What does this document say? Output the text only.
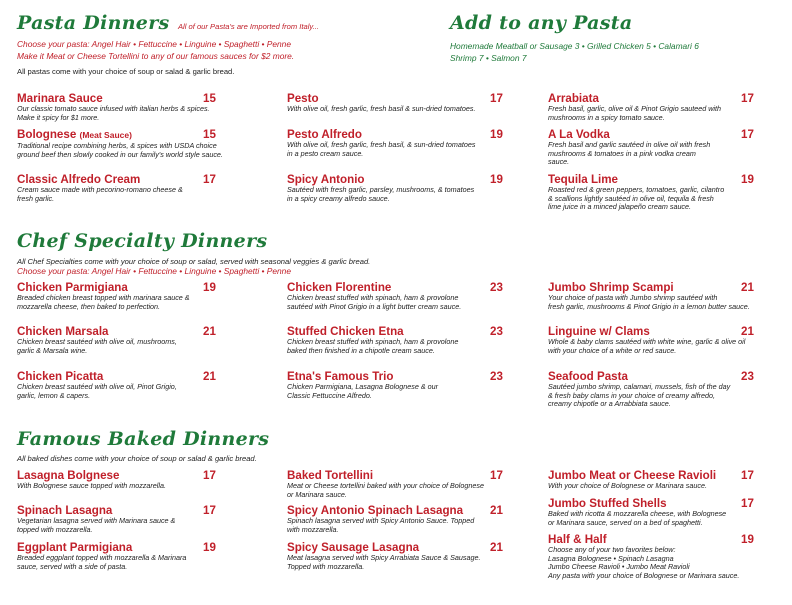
Pasta Dinners All of our Pasta's are Imported from Italy...
Choose your pasta: Angel Hair • Fettuccine • Linguine • Spaghetti • Penne
Make it Meat or Cheese Tortellini to any of our famous sauces for $2 more.
All pastas come with your choice of soup or salad & garlic bread.
Add to any Pasta
Homemade Meatball or Sausage 3 • Grilled Chicken 5 • Calamari 6
Shrimp 7 • Salmon 7
Marinara Sauce	15
Our classic tomato sauce infused with italian herbs & spices.
Make it spicy for $1 more.
Bolognese (Meat Sauce)	15
Traditional recipe combining herbs, & spices with USDA choice
ground beef then slowly cooked in our family's world style sauce.
Classic Alfredo Cream	17
Cream sauce made with pecorino-romano cheese &
fresh garlic.
Pesto	17
With olive oil, fresh garlic, fresh basil & sun-dried tomatoes.
Pesto Alfredo	19
With olive oil, fresh garlic, fresh basil, & sun-dried tomatoes
in a pesto cream sauce.
Spicy Antonio	19
Sautéed with fresh garlic, parsley, mushrooms, & tomatoes
in a spicy creamy alfredo sauce.
Arrabiata	17
Fresh basil, garlic, olive oil & Pinot Grigio sauteed with
mushrooms in a spicy tomato sauce.
A La Vodka	17
Fresh basil and garlic sautéed in olive oil with fresh
mushrooms & tomatoes in a pink vodka cream
sauce.
Tequila Lime	19
Roasted red & green peppers, tomatoes, garlic, cilantro
& scallions lightly sautéed in olive oil, tequila & fresh
lime juice in a minced jalapeño cream sauce.
Chef Specialty Dinners
All Chef Specialties come with your choice of soup or salad, served with seasonal veggies & garlic bread.
Choose your pasta: Angel Hair • Fettuccine • Linguine • Spaghetti • Penne
Chicken Parmigiana	19
Breaded chicken breast topped with marinara sauce &
mozzarella cheese, then baked to perfection.
Chicken Marsala	21
Chicken breast sautéed with olive oil, mushrooms,
garlic & Marsala wine.
Chicken Picatta	21
Chicken breast sautéed with olive oil, Pinot Grigio,
garlic, lemon & capers.
Chicken Florentine	23
Chicken breast stuffed with spinach, ham & provolone
sautéed with Pinot Grigio in a light butter cream sauce.
Stuffed Chicken Etna	23
Chicken breast stuffed with spinach, ham & provolone
baked then finished in a chipotle cream sauce.
Etna's Famous Trio	23
Chicken Parmigiana, Lasagna Bolognese & our
Classic Fettuccine Alfredo.
Jumbo Shrimp Scampi	21
Your choice of pasta with Jumbo shrimp sautéed with
fresh garlic, mushrooms & Pinot Grigio in a lemon butter sauce.
Linguine w/ Clams	21
Whole & baby clams sautéed with white wine, garlic & olive oil
with your choice of a white or red sauce.
Seafood Pasta	23
Sautéed jumbo shrimp, calamari, mussels, fish of the day
& fresh baby clams in your choice of creamy alfredo,
creamy chipotle or a Arrabbiata sauce.
Famous Baked Dinners
All baked dishes come with your choice of soup or salad & garlic bread.
Lasagna Bolgnese	17
With Bolognese sauce topped with mozzarella.
Spinach Lasagna	17
Vegetarian lasagna served with Marinara sauce &
topped with mozzarella.
Eggplant Parmigiana	19
Breaded eggplant topped with mozzarella & Marinara
sauce, served with a side of pasta.
Baked Tortellini	17
Meat or Cheese tortellini baked with your choice of Bolognese
or Marinara sauce.
Spicy Antonio Spinach Lasagna	21
Spinach lasagna served with Spicy Antonio Sauce. Topped
with mozzarella.
Spicy Sausage Lasagna	21
Meat lasagna served with Spicy Arrabiata Sauce & Sausage.
Topped with mozzarella.
Jumbo Meat or Cheese Ravioli	17
With your choice of Bolognese or Marinara sauce.
Jumbo Stuffed Shells	17
Baked with ricotta & mozzarella cheese, with Bolognese
or Marinara sauce, served on a bed of spaghetti.
Half & Half	19
Choose any of your two favorites below:
Lasagna Bolognese • Spinach Lasagna
Jumbo Cheese Ravioli • Jumbo Meat Ravioli
Any pasta with your choice of Bolognese or Marinara sauce.
